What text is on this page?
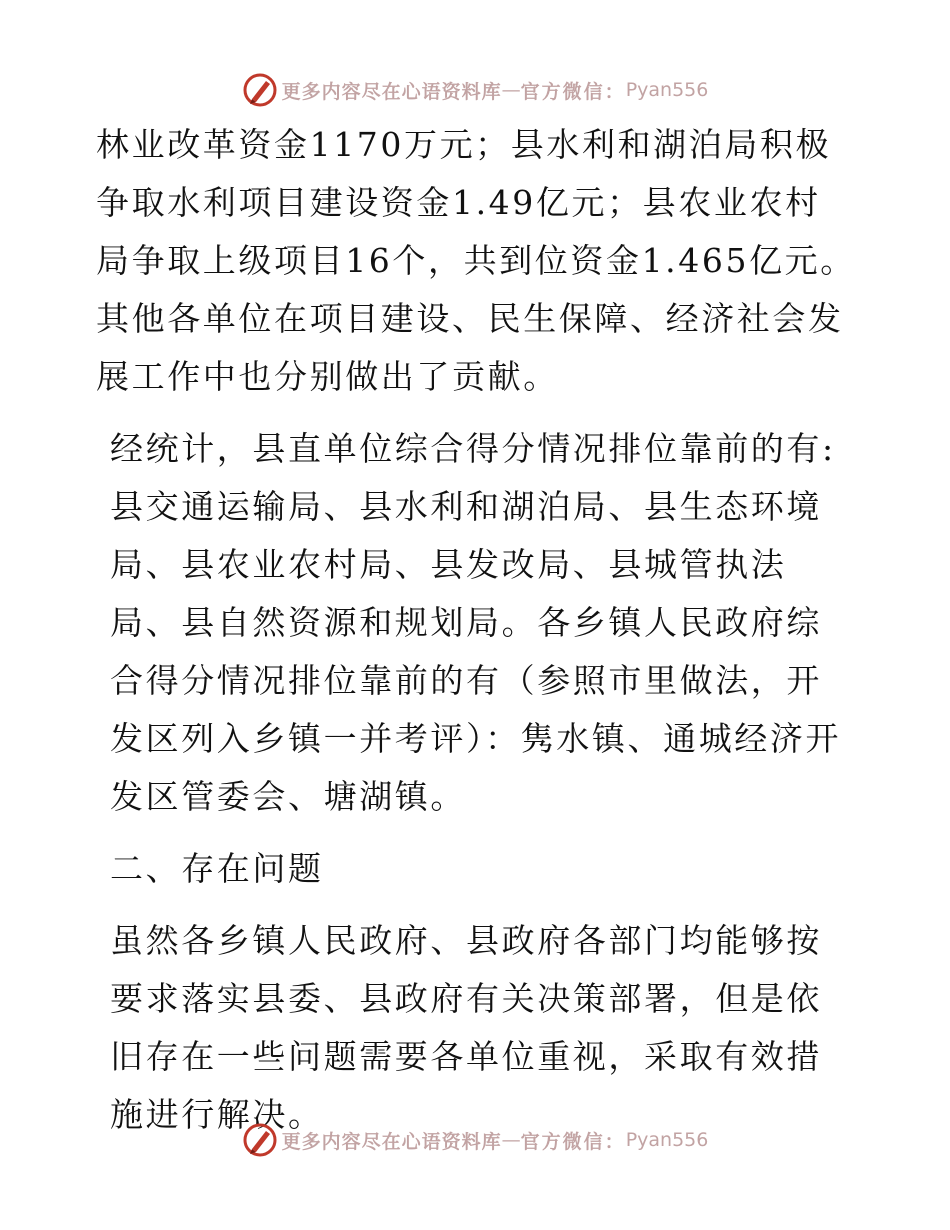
更多内容尽在心语资料库 — 官方微信： Pyan556

林业改革资金1170万元；县水利和湖泊局积极争取水利项目建设资金1.49亿元；县农业农村局争取上级项目16个，共到位资金1.465亿元。其他各单位在项目建设、民生保障、经济社会发展工作中也分别做出了贡献。

经统计，县直单位综合得分情况排位靠前的有: 县交通运输局、县水利和湖泊局、县生态环境局、县农业农村局、县发改局、县城管执法局、县自然资源和规划局。各乡镇人民政府综合得分情况排位靠前的有（参照市里做法，开发区列入乡镇一并考评）：隽水镇、通城经济开发区管委会、塘湖镇。

二、存在问题

虽然各乡镇人民政府、县政府各部门均能够按要求落实县委、县政府有关决策部署，但是依旧存在一些问题需要各单位重视，采取有效措施进行解决。

更多内容尽在心语资料库 — 官方微信： Pyan556
